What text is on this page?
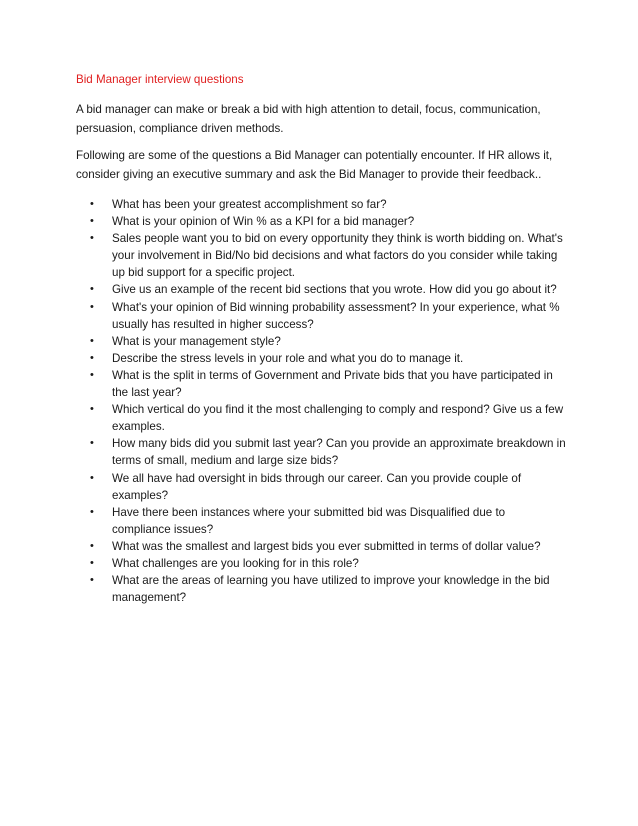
Bid Manager interview questions

A bid manager can make or break a bid with high attention to detail, focus, communication, persuasion, compliance driven methods.

Following are some of the questions a Bid Manager can potentially encounter. If HR allows it, consider giving an executive summary and ask the Bid Manager to provide their feedback..

• What has been your greatest accomplishment so far?
• What is your opinion of Win % as a KPI for a bid manager?
• Sales people want you to bid on every opportunity they think is worth bidding on. What's your involvement in Bid/No bid decisions and what factors do you consider while taking up bid support for a specific project.
• Give us an example of the recent bid sections that you wrote. How did you go about it?
• What's your opinion of Bid winning probability assessment? In your experience, what % usually has resulted in higher success?
• What is your management style?
• Describe the stress levels in your role and what you do to manage it.
• What is the split in terms of Government and Private bids that you have participated in the last year?
• Which vertical do you find it the most challenging to comply and respond? Give us a few examples.
• How many bids did you submit last year? Can you provide an approximate breakdown in terms of small, medium and large size bids?
• We all have had oversight in bids through our career. Can you provide couple of examples?
• Have there been instances where your submitted bid was Disqualified due to compliance issues?
• What was the smallest and largest bids you ever submitted in terms of dollar value?
• What challenges are you looking for in this role?
• What are the areas of learning you have utilized to improve your knowledge in the bid management?
